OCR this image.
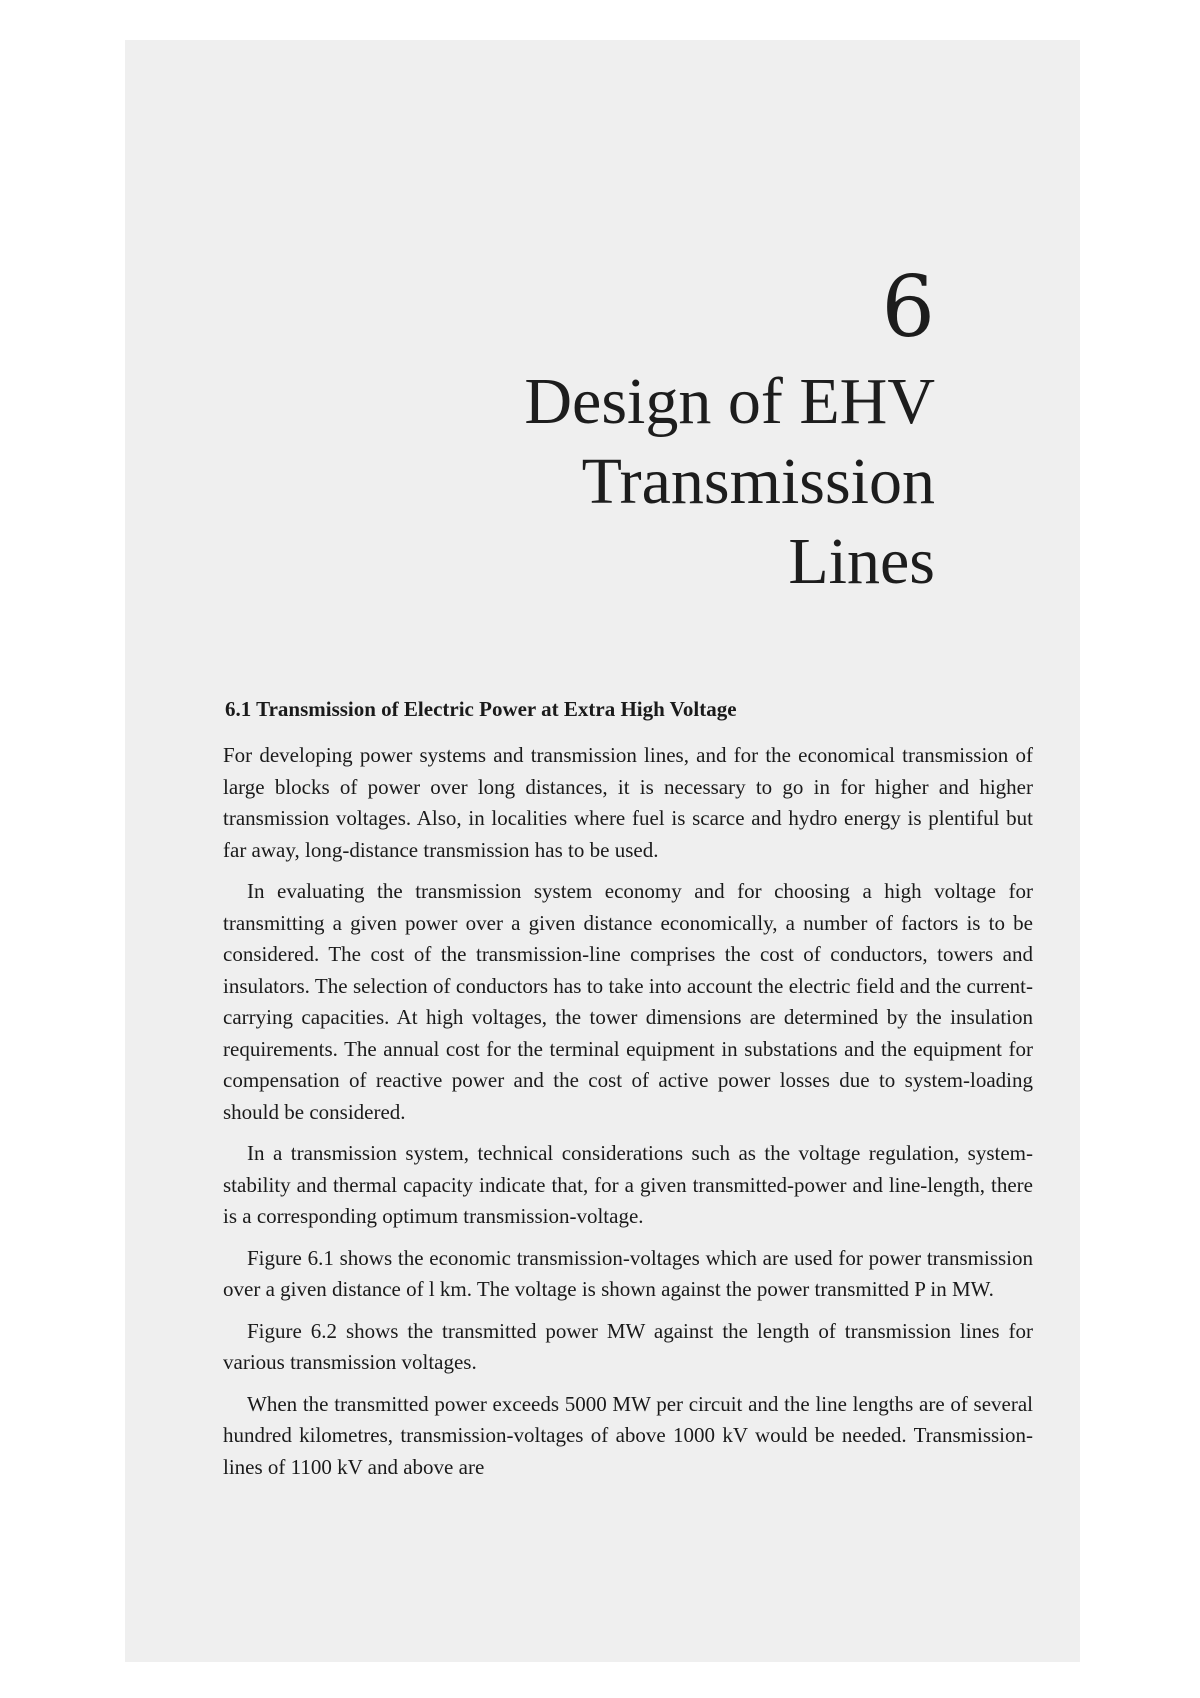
6
Design of EHV
Transmission
Lines
6.1 Transmission of Electric Power at Extra High Voltage

For developing power systems and transmission lines, and for the economical transmission of large blocks of power over long distances, it is necessary to go in for higher and higher transmission voltages. Also, in localities where fuel is scarce and hydro energy is plentiful but far away, long-distance transmission has to be used.

In evaluating the transmission system economy and for choosing a high voltage for transmitting a given power over a given distance economically, a number of factors is to be considered. The cost of the transmission-line comprises the cost of conductors, towers and insulators. The selection of conductors has to take into account the electric field and the current-carrying capacities. At high voltages, the tower dimensions are determined by the insulation requirements. The annual cost for the terminal equipment in substations and the equipment for compensation of reactive power and the cost of active power losses due to system-loading should be considered.

In a transmission system, technical considerations such as the voltage regulation, system-stability and thermal capacity indicate that, for a given transmitted-power and line-length, there is a corresponding optimum transmission-voltage.

Figure 6.1 shows the economic transmission-voltages which are used for power transmission over a given distance of l km. The voltage is shown against the power transmitted P in MW.

Figure 6.2 shows the transmitted power MW against the length of transmission lines for various transmission voltages.

When the transmitted power exceeds 5000 MW per circuit and the line lengths are of several hundred kilometres, transmission-voltages of above 1000 kV would be needed. Transmission-lines of 1100 kV and above are
